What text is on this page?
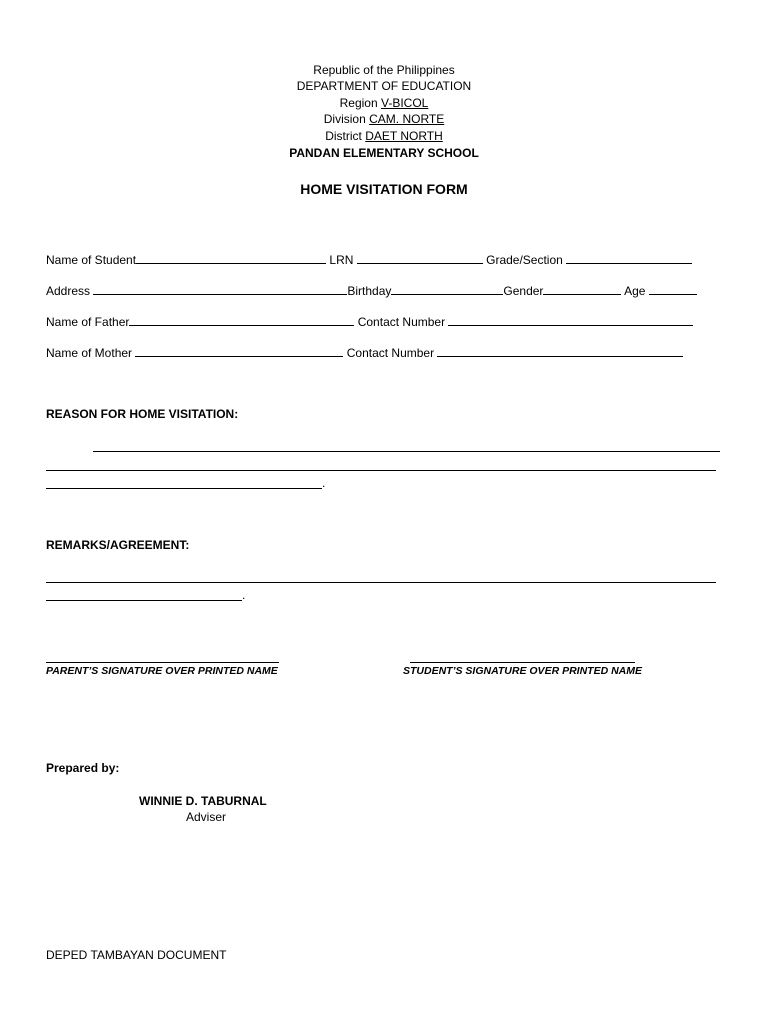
Republic of the Philippines
DEPARTMENT OF EDUCATION
Region V-BICOL
Division CAM. NORTE
District DAET NORTH
PANDAN ELEMENTARY SCHOOL
HOME VISITATION FORM
Name of Student	LRN	Grade/Section
Address	Birthday	Gender	Age
Name of Father	Contact Number
Name of Mother	Contact Number
REASON FOR HOME VISITATION:
.
REMARKS/AGREEMENT:
.
PARENT’S SIGNATURE OVER PRINTED NAME	STUDENT’S SIGNATURE OVER PRINTED NAME
Prepared by:
WINNIE D. TABURNAL
Adviser
DEPED TAMBAYAN DOCUMENT
